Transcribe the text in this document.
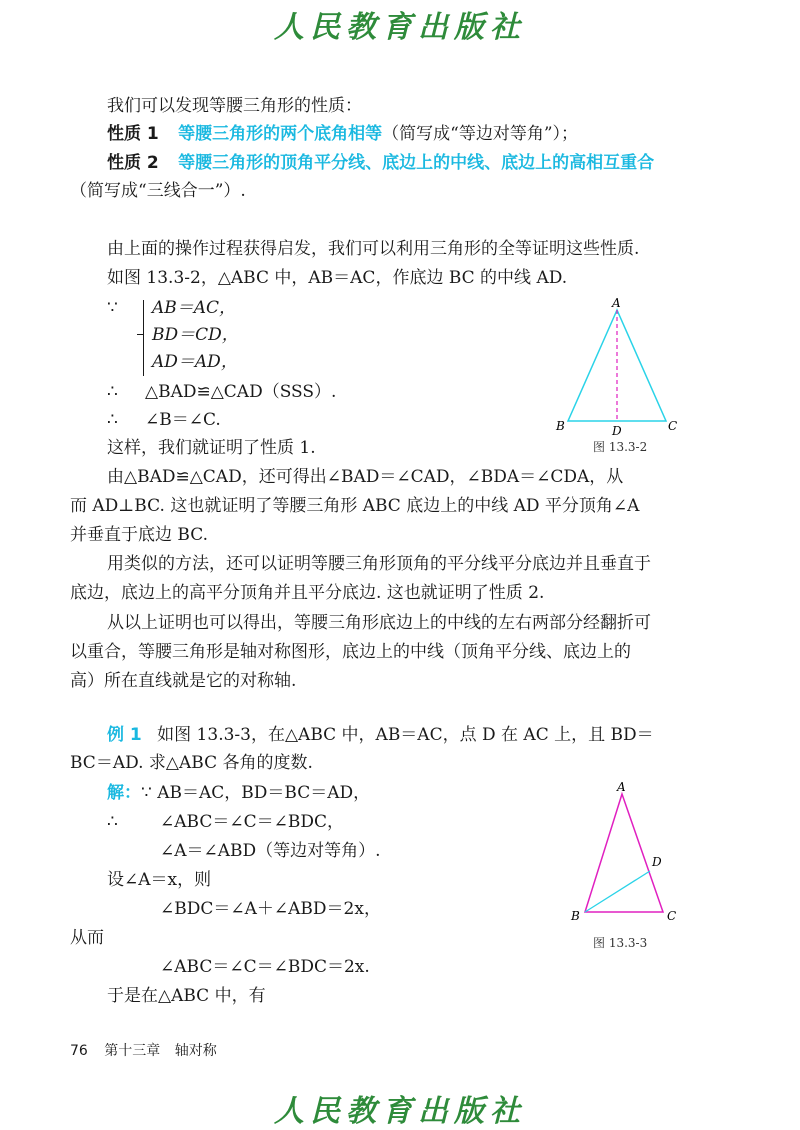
人民教育出版社
我们可以发现等腰三角形的性质：
性质 1 等腰三角形的两个底角相等（简写成“等边对等角”）；
性质 2 等腰三角形的顶角平分线、底边上的中线、底边上的高相互重合
（简写成“三线合一”）.
由上面的操作过程获得启发，我们可以利用三角形的全等证明这些性质.
如图 13.3-2，△ABC 中，AB＝AC，作底边 BC 的中线 AD.
∵ AB＝AC，
BD＝CD，
AD＝AD，
∴ △BAD≌△CAD（SSS）.
∴ ∠B＝∠C.
这样，我们就证明了性质 1.
由△BAD≌△CAD，还可得出∠BAD＝∠CAD，∠BDA＝∠CDA，从
而 AD⊥BC. 这也就证明了等腰三角形 ABC 底边上的中线 AD 平分顶角∠A
并垂直于底边 BC.
用类似的方法，还可以证明等腰三角形顶角的平分线平分底边并且垂直于
底边，底边上的高平分顶角并且平分底边. 这也就证明了性质 2.
从以上证明也可以得出，等腰三角形底边上的中线的左右两部分经翻折可
以重合，等腰三角形是轴对称图形，底边上的中线（顶角平分线、底边上的
高）所在直线就是它的对称轴.
A
B	C
D
图 13.3-2
例 1 如图 13.3-3，在△ABC 中，AB＝AC，点 D 在 AC 上，且 BD＝
BC＝AD. 求△ABC 各角的度数.
解：∵ AB＝AC，BD＝BC＝AD，
∴ ∠ABC＝∠C＝∠BDC，
∠A＝∠ABD（等边对等角）.
设∠A＝x，则
∠BDC＝∠A＋∠ABD＝2x，
从而
∠ABC＝∠C＝∠BDC＝2x.
于是在△ABC 中，有
A
B	C
D
图 13.3-3
76 第十三章 轴对称
人民教育出版社
